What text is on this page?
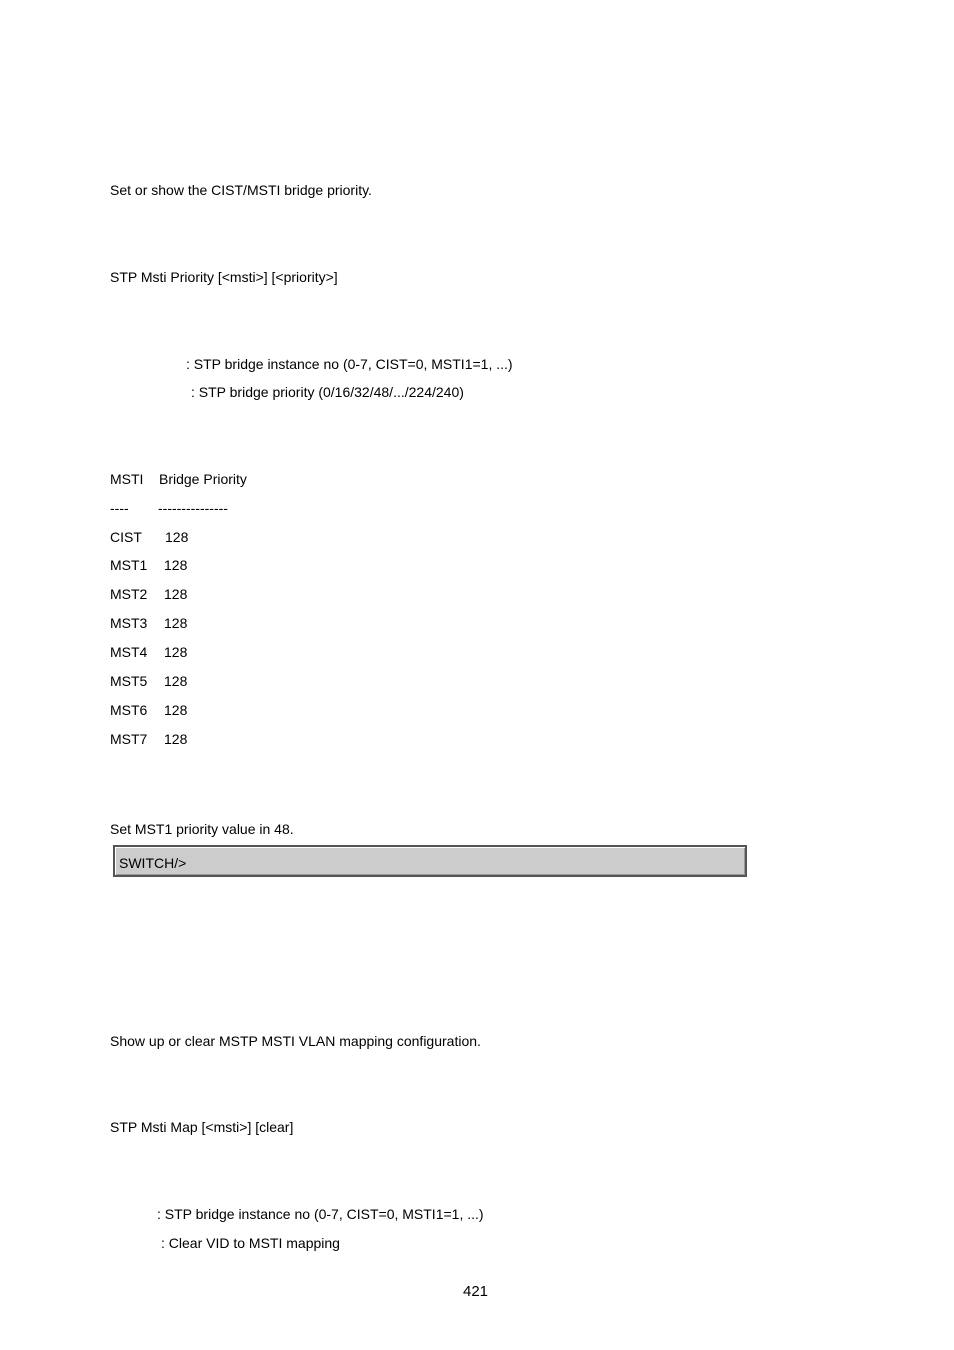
Set or show the CIST/MSTI bridge priority.
STP Msti Priority [<msti>] [<priority>]
: STP bridge instance no (0-7, CIST=0, MSTI1=1, ...)
: STP bridge priority (0/16/32/48/.../224/240)
MSTI Bridge Priority
---- ---------------
CIST 128
MST1 128
MST2 128
MST3 128
MST4 128
MST5 128
MST6 128
MST7 128
Set MST1 priority value in 48.
SWITCH/>
Show up or clear MSTP MSTI VLAN mapping configuration.
STP Msti Map [<msti>] [clear]
: STP bridge instance no (0-7, CIST=0, MSTI1=1, ...)
: Clear VID to MSTI mapping
421
